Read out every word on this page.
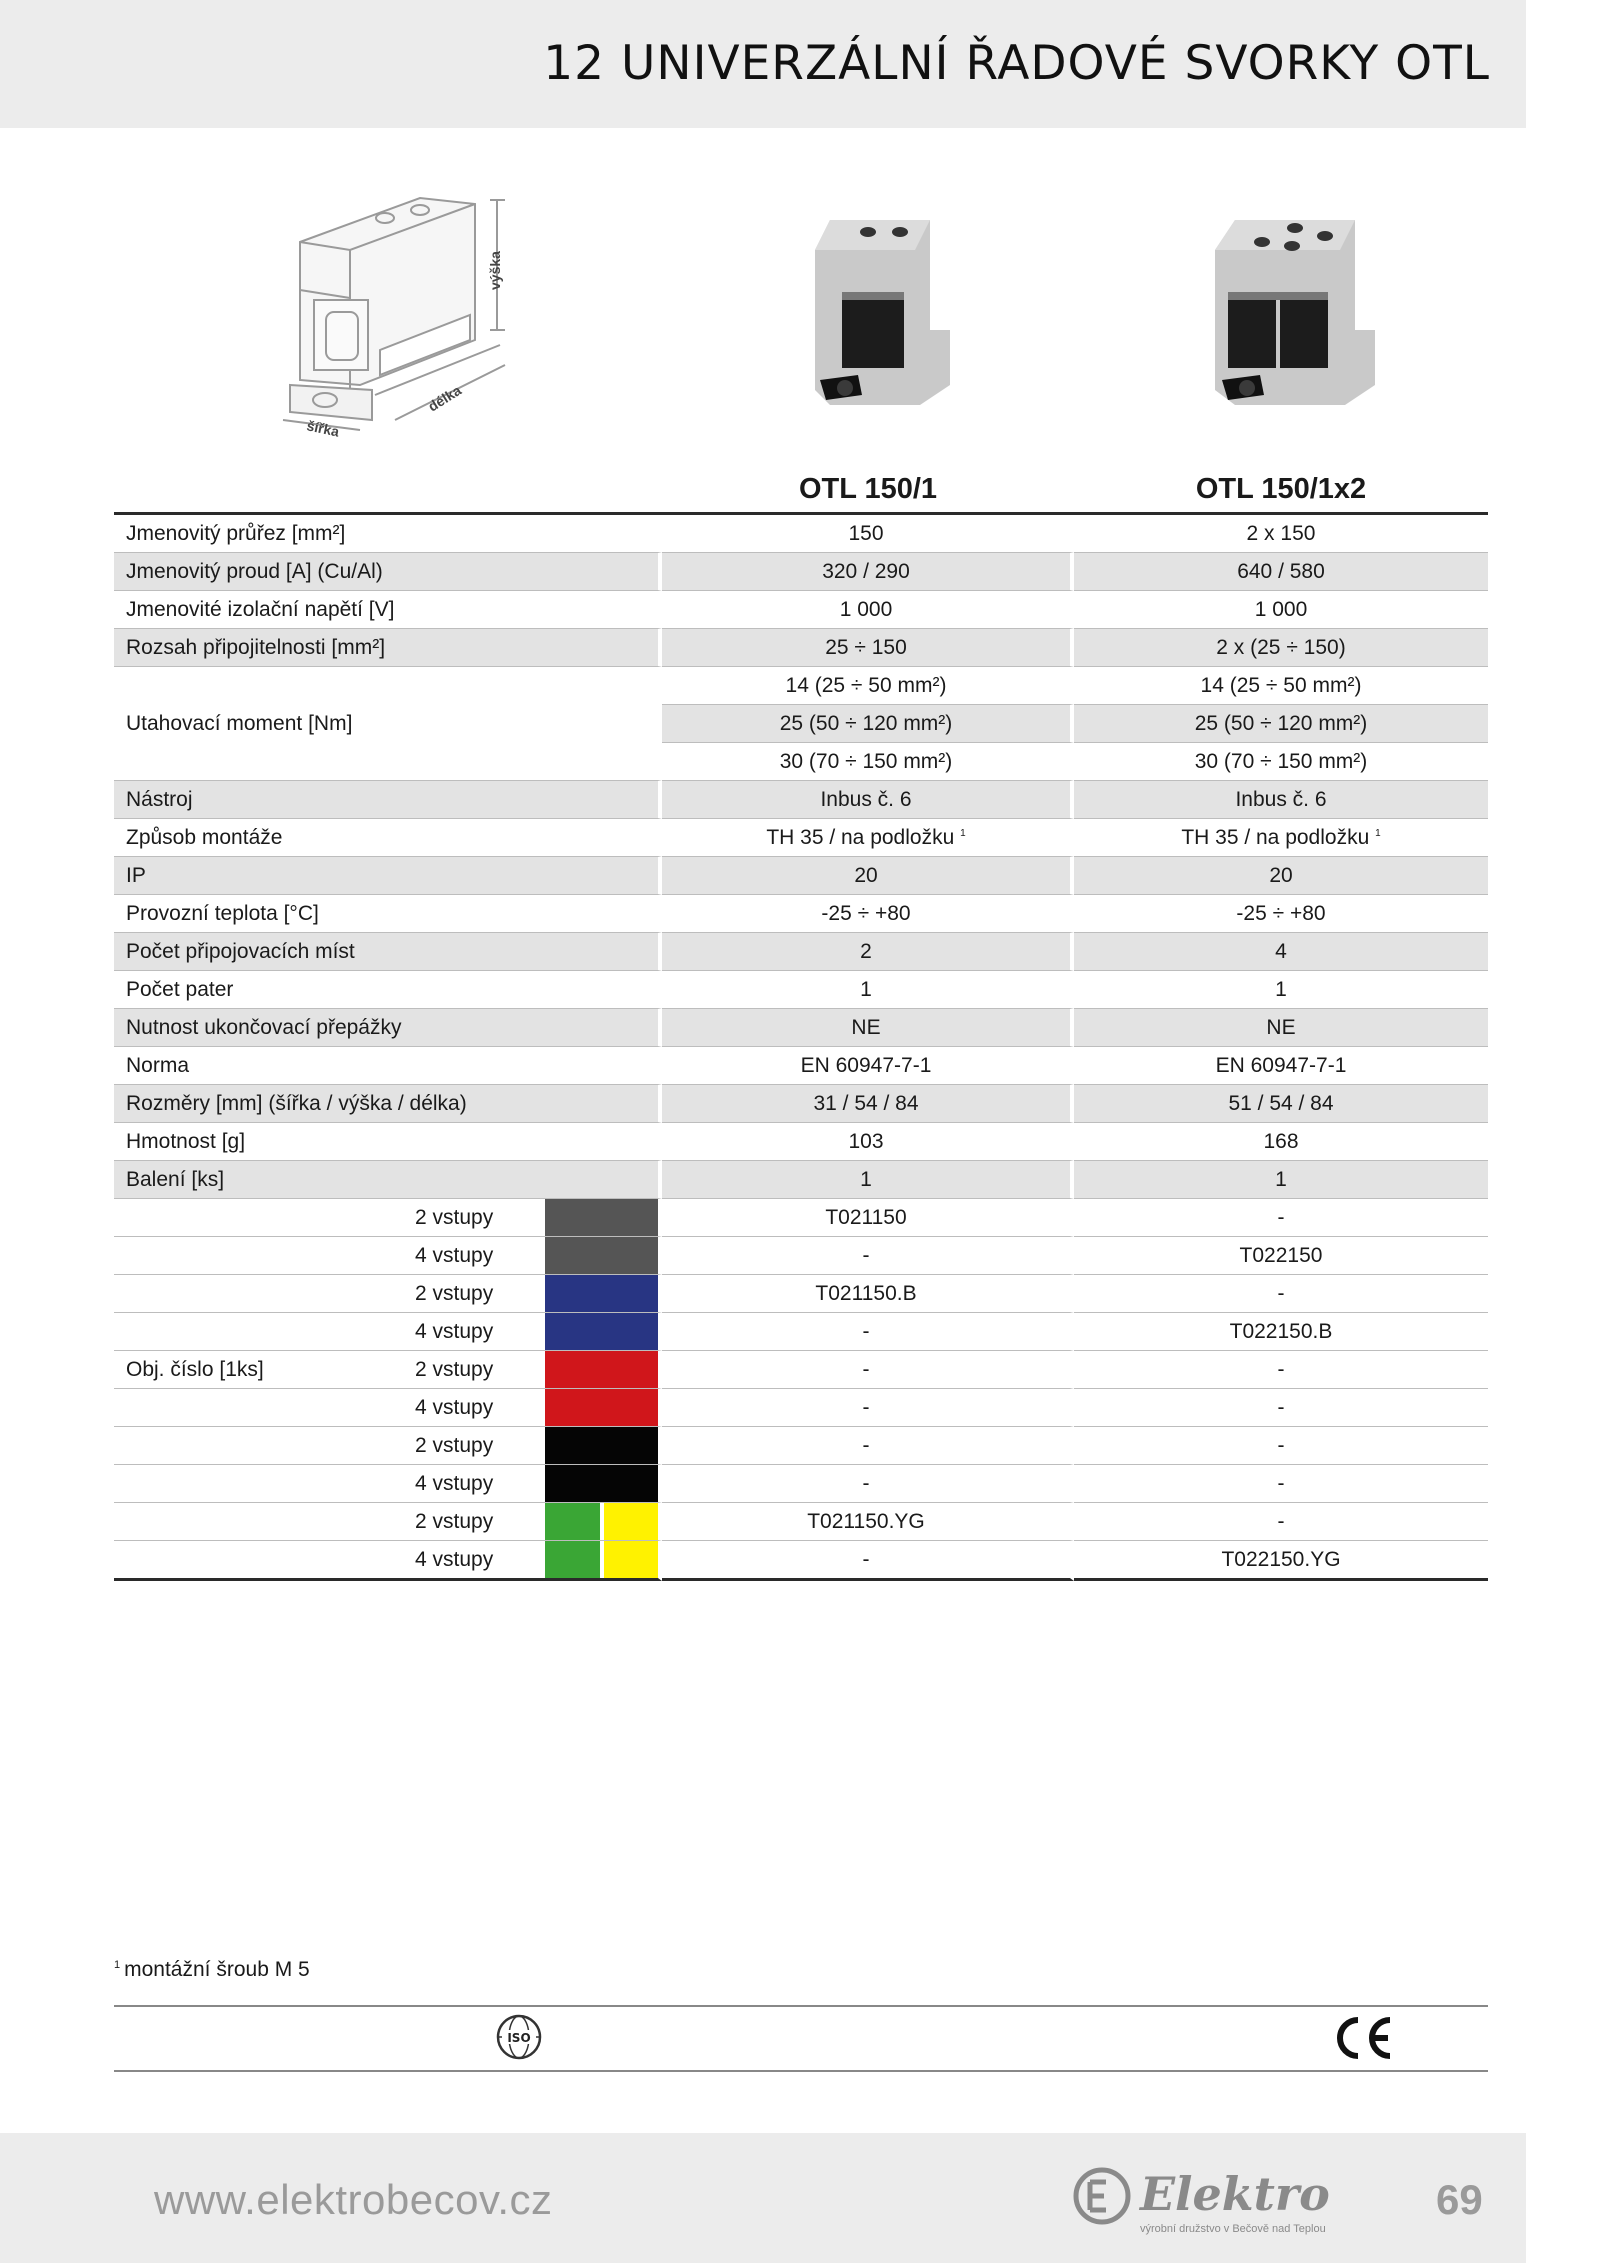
12 UNIVERZÁLNÍ ŘADOVÉ SVORKY OTL
výška
délka
šířka
	OTL 150/1	OTL 150/1x2
Jmenovitý průřez [mm²]	150	2 x 150
Jmenovitý proud [A] (Cu/Al)	320 / 290	640 / 580
Jmenovité izolační napětí [V]	1 000	1 000
Rozsah připojitelnosti [mm²]	25 ÷ 150	2 x (25 ÷ 150)
Utahovací moment [Nm]	14 (25 ÷ 50 mm²)	14 (25 ÷ 50 mm²)
	25 (50 ÷ 120 mm²)	25 (50 ÷ 120 mm²)
	30 (70 ÷ 150 mm²)	30 (70 ÷ 150 mm²)
Nástroj	Inbus č. 6	Inbus č. 6
Způsob montáže	TH 35 / na podložku $^1$	TH 35 / na podložku $^1$
IP	20	20
Provozní teplota [°C]	-25 ÷ +80	-25 ÷ +80
Počet připojovacích míst	2	4
Počet pater	1	1
Nutnost ukončovací přepážky	NE	NE
Norma	EN 60947-7-1	EN 60947-7-1
Rozměry [mm] (šířka / výška / délka)	31 / 54 / 84	51 / 54 / 84
Hmotnost [g]	103	168
Balení [ks]	1	1

2 vstupy	T021150	-

4 vstupy	-	T022150

2 vstupy	T021150.B	-

4 vstupy	-	T022150.B

Obj. číslo [1ks] 2 vstupy	-	-

4 vstupy	-	-

2 vstupy	-	-

4 vstupy	-	-

2 vstupy	T021150.YG	-

4 vstupy	-	T022150.YG
$^1$ montážní šroub M 5
ISO
www.elektrobecov.cz	Elektro
výrobní družstvo v Bečově nad Teplou
69
